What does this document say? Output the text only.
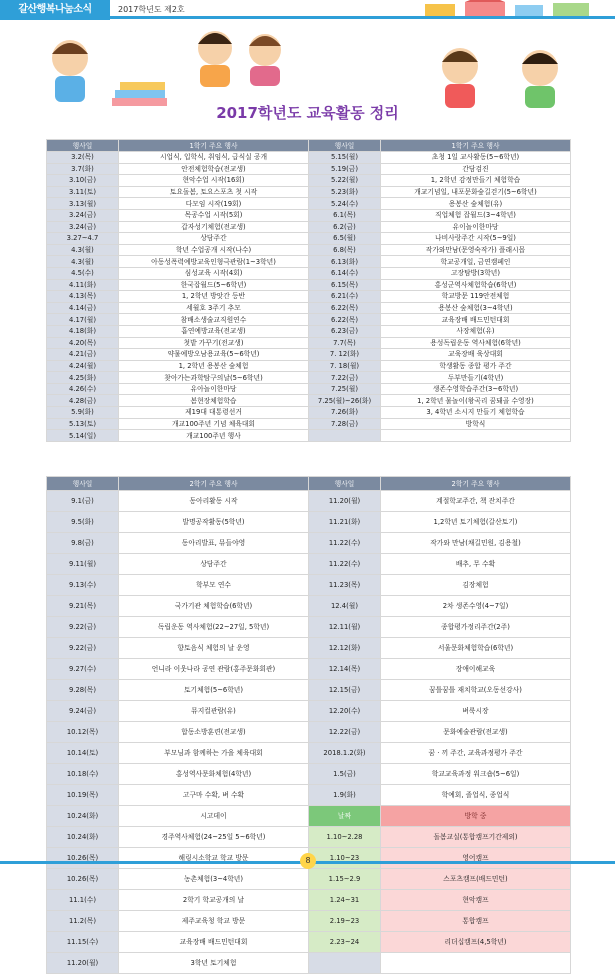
갈산행복나눔소식	2017학년도 제2호
2017학년도 교육활동 정리
행사일	1학기 주요 행사	행사일	1학기 주요 행사
3.2(목)	시업식, 입학식, 취임식, 급식실 공개	5.15(월)	초청 1일 교사활동(5~6학년)
3.7(화)	안전체험학습(전교생)	5.19(금)	간담검진
3.10(금)	현악수업 시작(16회)	5.22(월)	1, 2학년 감정만들기 체험학습
3.11(토)	토요돌봄, 토요스포츠 첫 시작	5.23(화)	개교기념일, 내포문화숲길걷기(5~6학년)
3.13(월)	다모임 시작(19회)	5.24(수)	용봉산 숲체험(유)
3.24(금)	목공수업 시작(5회)	6.1(목)	직업체험 잡월드(3~4학년)
3.24(금)	갑자성기체험(전교생)	6.2(금)	유이놀이한마당
3.27~4.7	상담주간	6.5(월)	나비사랑주간 시작(5~9일)
4.3(월)	학년 수업공개 시작(나수)	6.8(목)	작가와만남(문영숙작가) 플래시몹
4.3(월)	아동성폭력예방교육인형극관람(1~3학년)	6.13(화)	학교공개일, 금연캠페인
4.5(수)	심성교육 시작(4회)	6.14(수)	고장탐방(3학년)
4.11(화)	한국잡월드(5~6학년)	6.15(목)	홍성군역사체험학습(6학년)
4.13(목)	1, 2학년 방앗간 등반	6.21(수)	학교방문 119안전체험
4.14(금)	세월호 3주기 추모	6.22(목)	용봉산 숲체험(3~4학년)
4.17(월)	참배소생술교직원연수	6.22(목)	교육장배 배드민턴대회
4.18(화)	흡연예방교육(전교생)	6.23(금)	사장체험(유)
4.20(목)	첫밭 가꾸기(전교생)	7.7(목)	용성독립운동 역사체험(6학년)
4.21(금)	약물예방오남용교육(5~6학년)	7. 12(화)	교육장배 육상대회
4.24(월)	1, 2학년 용봉산 숲체험	7. 18(월)	학생활동 종합 평가 주간
4.25(화)	찾아가는과학탐구의날(5~6학년)	7.22(금)	두부만들기(4학년)
4.26(수)	유아놀이한마당	7.25(월)	생존수영학습주간(3~6학년)
4.28(금)	봄현장체험학습	7.25(월)~26(화)	1, 2학년 물놀이(왕곡리 꿈돼골 수영장)
5.9(화)	제19대 대통령선거	7.26(화)	3, 4학년 소시지 만들기 체험학습
5.13(토)	개교100주년 기념 체육대회	7.28(금)	방학식
5.14(일)	개교100주년 행사		
행사일	2학기 주요 행사	행사일	2학기 주요 행사
9.1(금)	동아리활동 시작	11.20(월)	계절학교주간, 책 잔치주간
9.5(화)	발명공작활동(5학년)	11.21(화)	1,2학년 토기체험(갈산토기)
9.8(금)	동아리발표, 뮤들야영	11.22(수)	작가와 만남(채길민원, 김용철)
9.11(월)	상담주간	11.22(수)	배추, 무 수확
9.13(수)	학부모 연수	11.23(목)	김장체험
9.21(목)	국가기관 체험학습(6학년)	12.4(월)	2차 생존수영(4~7일)
9.22(금)	독립운동 역사체험(22~27일, 5학년)	12.11(월)	종합평가정리주간(2주)
9.22(금)	향토음식 체험의 날 운영	12.12(화)	서울문화체험학습(6학년)
9.27(수)	언니라 이웃나라 공연 관람(홍주문화회관)	12.14(목)	장애이해교육
9.28(목)	토기체험(5~6학년)	12.15(금)	꿈틀꿈틀 재치학교(오동선강사)
9.24(금)	뮤지컬관람(유)	12.20(수)	벼룩시장
10.12(목)	합동소방훈련(전교생)	12.22(금)	문화예술관람(전교생)
10.14(토)	부모님과 함께하는 가을 체육대회	2018.1.2(화)	꿈 · 끼 주간, 교육과정평가 주간
10.18(수)	홍성역사문화체험(4학년)	1.5(금)	학교교육과정 워크숍(5~6일)
10.19(목)	고구마 수확, 벼 수확	1.9(화)	학예회, 졸업식, 종업식
10.24(화)	시고데이	날짜	방학 중
10.24(화)	경주역사체험(24~25일 5~6학년)	1.10~2.28	돌봄교실(통합캠프기간제외)
10.26(목)	해링시소학교 학교 방문	1.10~23	영어캠프
10.26(목)	농촌체험(3~4학년)	1.15~2.9	스포츠캠프(배드민턴)
11.1(수)	2학기 학교공개의 날	1.24~31	현악캠프
11.2(목)	제주교육청 학교 방문	2.19~23	통합캠프
11.15(수)	교육장배 배드민턴대회	2.23~24	리더십캠프(4,5학년)
11.20(월)	3학년 토기체험		
8
